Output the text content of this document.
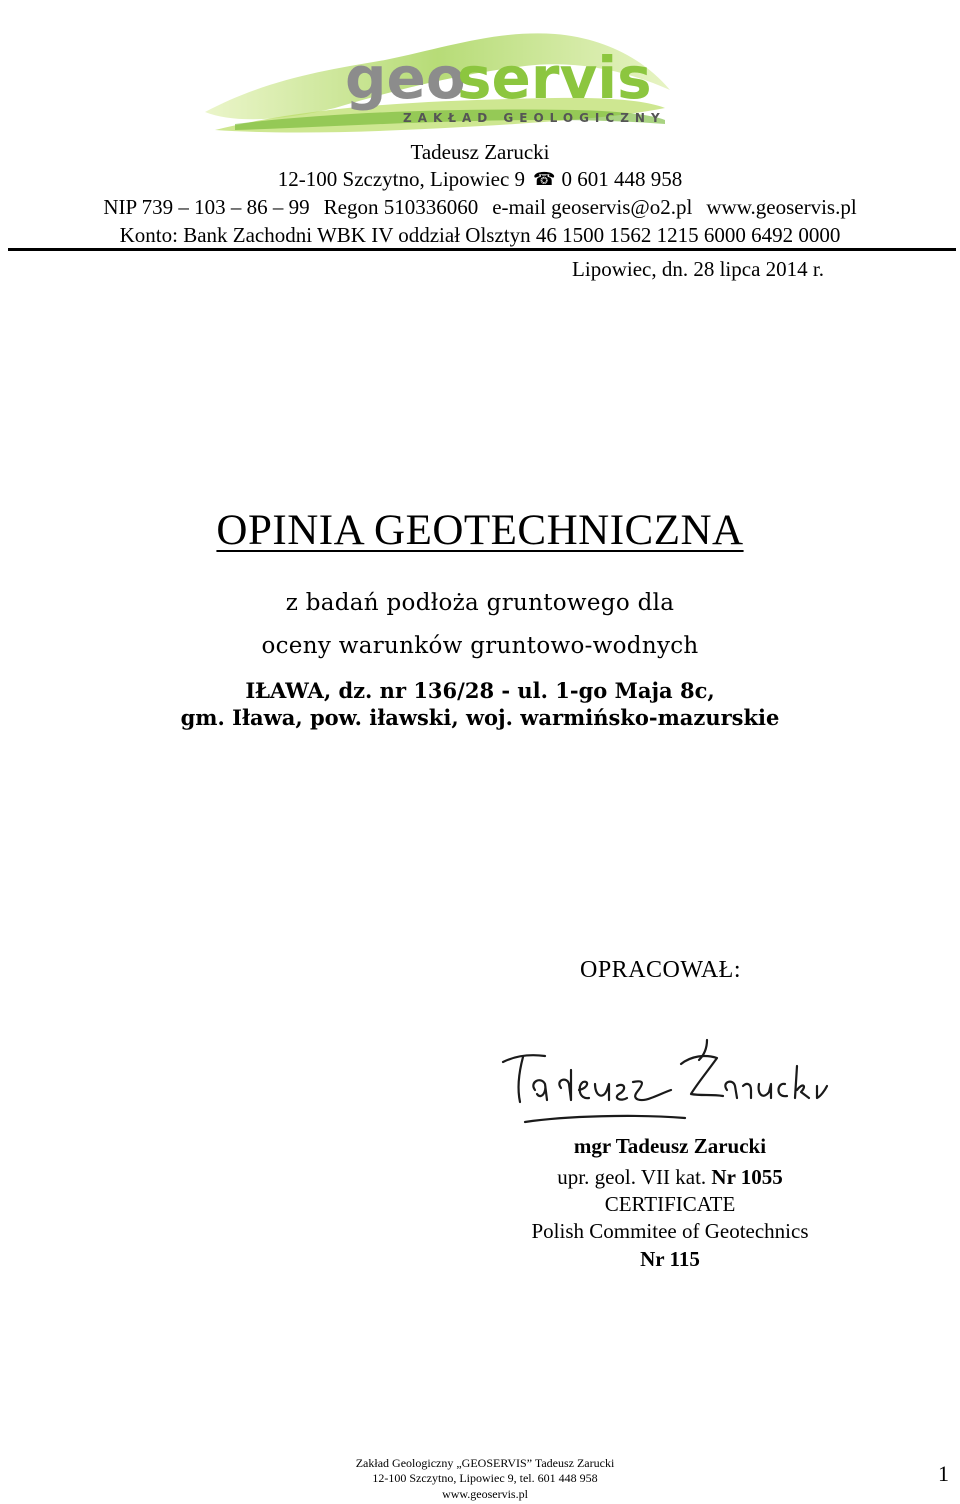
geo
servis
ZAKŁAD GEOLOGICZNY
Tadeusz Zarucki
12-100 Szczytno, Lipowiec 9 ☎ 0 601 448 958
NIP 739 – 103 – 86 – 99 Regon 510336060 e-mail geoservis@o2.pl www.geoservis.pl
Konto: Bank Zachodni WBK IV oddział Olsztyn 46 1500 1562 1215 6000 6492 0000
Lipowiec, dn. 28 lipca 2014 r.
OPINIA GEOTECHNICZNA
z badań podłoża gruntowego dla
oceny warunków gruntowo-wodnych
IŁAWA, dz. nr 136/28 - ul. 1-go Maja 8c,
gm. Iława, pow. iławski, woj. warmińsko-mazurskie
OPRACOWAŁ:
mgr Tadeusz Zarucki
upr. geol. VII kat. Nr 1055
CERTIFICATE
Polish Commitee of Geotechnics
Nr 115
Zakład Geologiczny „GEOSERVIS” Tadeusz Zarucki
12-100 Szczytno, Lipowiec 9, tel. 601 448 958
www.geoservis.pl
1
